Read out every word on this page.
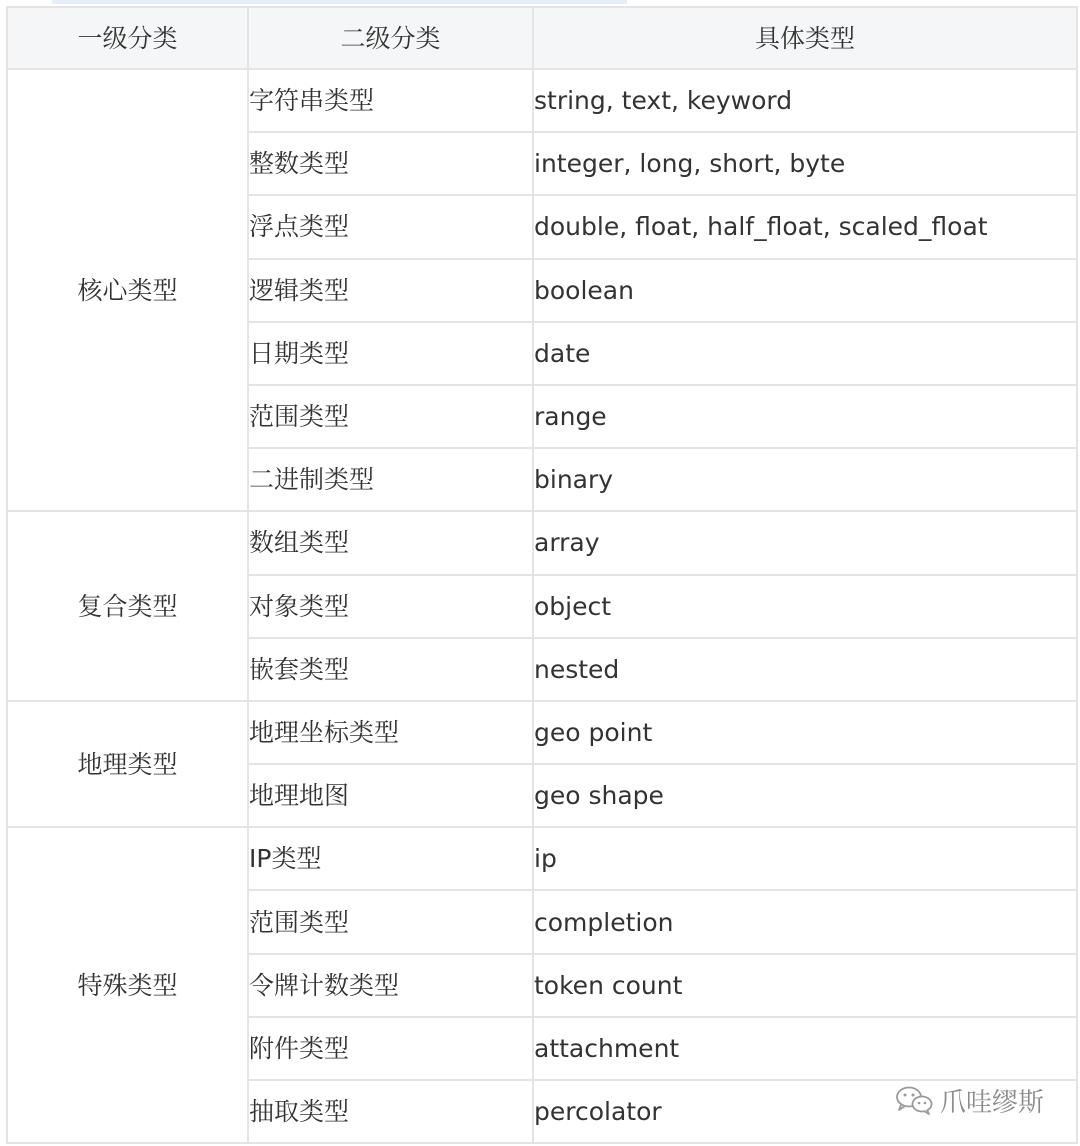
一级分类	二级分类	具体类型
核心类型	字符串类型	string, text, keyword
	整数类型	integer, long, short, byte
	浮点类型	double, float, half_float, scaled_float
	逻辑类型	boolean
	日期类型	date
	范围类型	range
	二进制类型	binary
复合类型	数组类型	array
	对象类型	object
	嵌套类型	nested
地理类型	地理坐标类型	geo point
	地理地图	geo shape
特殊类型	IP类型	ip
	范围类型	completion
	令牌计数类型	token count
	附件类型	attachment
	抽取类型	percolator	爪哇缪斯
